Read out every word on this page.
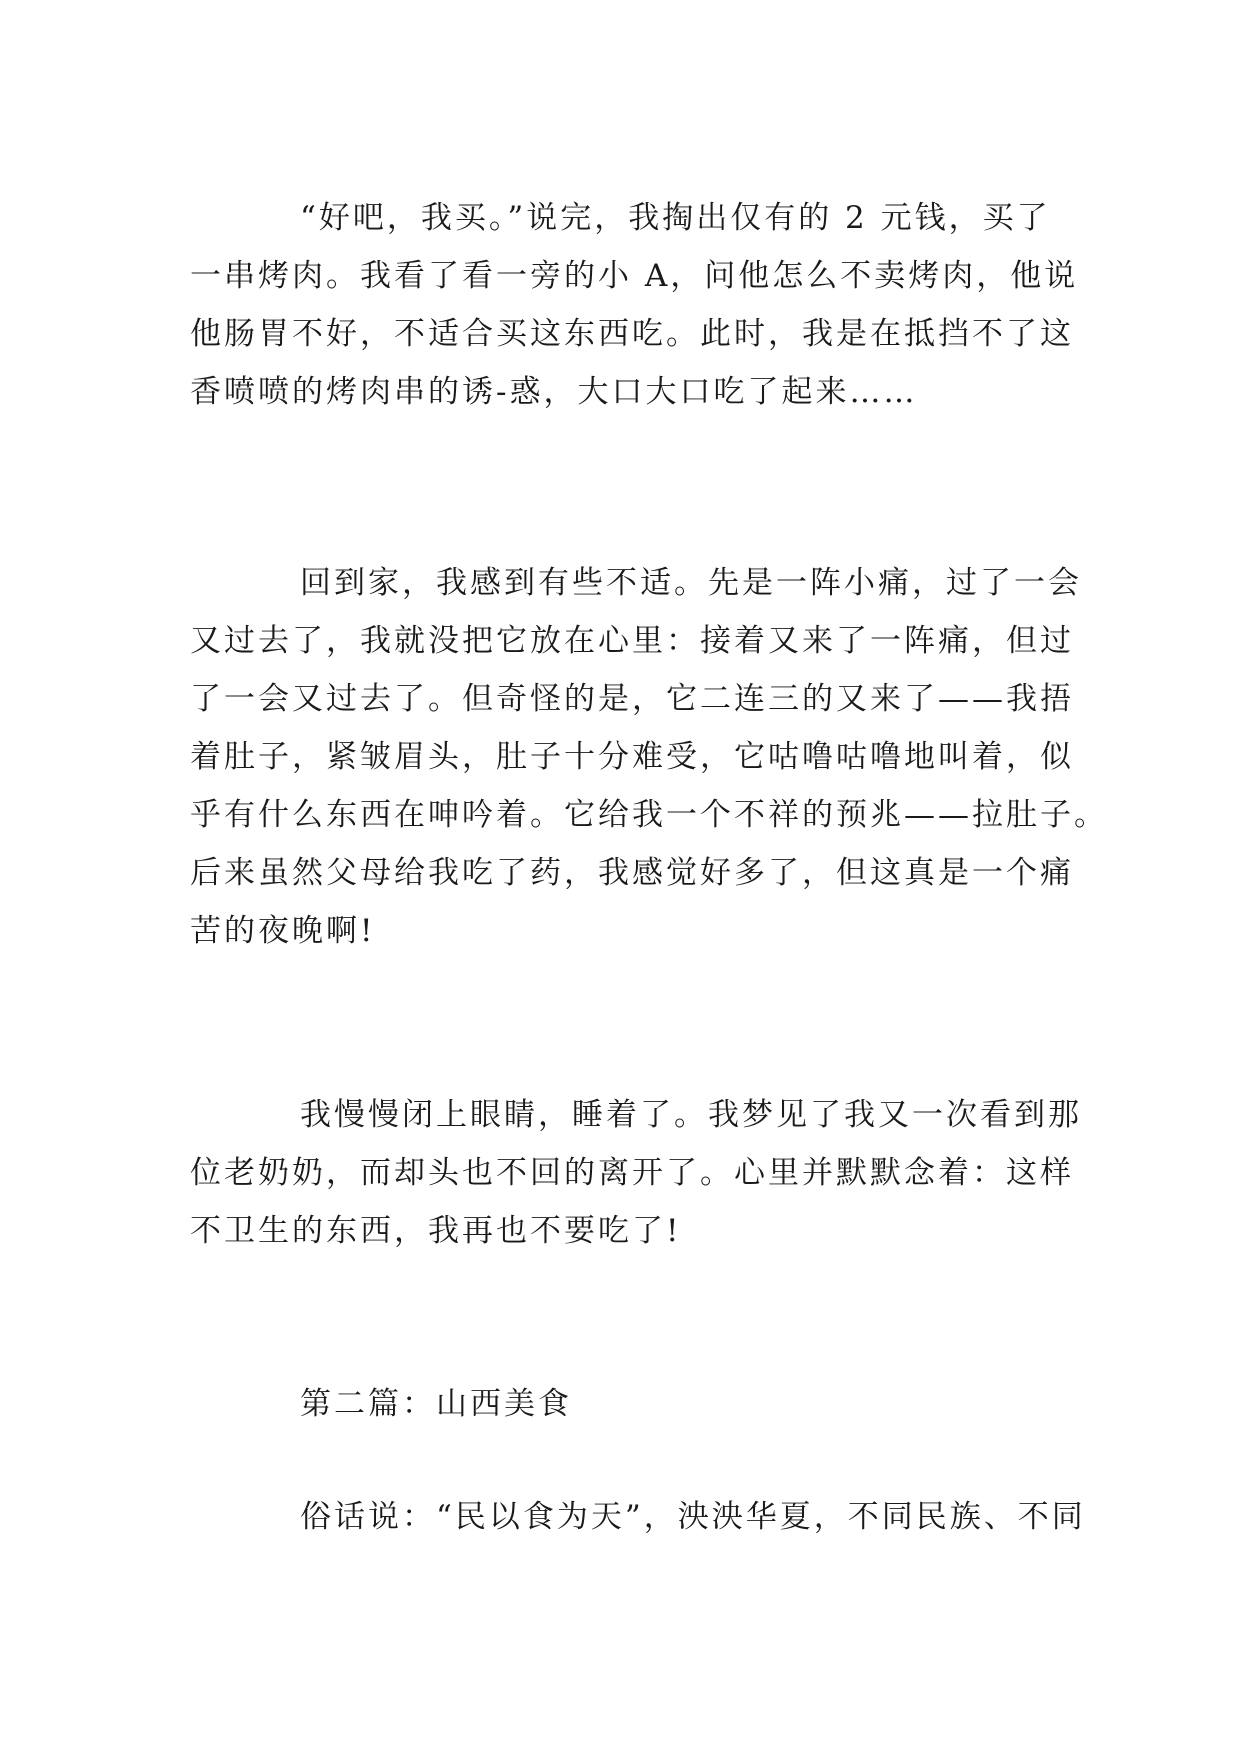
“好吧，我买。”说完，我掏出仅有的 2 元钱，买了
一串烤肉。我看了看一旁的小 A，问他怎么不卖烤肉，他说
他肠胃不好，不适合买这东西吃。此时，我是在抵挡不了这
香喷喷的烤肉串的诱-惑，大口大口吃了起来……
回到家，我感到有些不适。先是一阵小痛，过了一会
又过去了，我就没把它放在心里：接着又来了一阵痛，但过
了一会又过去了。但奇怪的是，它二连三的又来了——我捂
着肚子，紧皱眉头，肚子十分难受，它咕噜咕噜地叫着，似
乎有什么东西在呻吟着。它给我一个不祥的预兆——拉肚子。
后来虽然父母给我吃了药，我感觉好多了，但这真是一个痛
苦的夜晚啊!
我慢慢闭上眼睛，睡着了。我梦见了我又一次看到那
位老奶奶，而却头也不回的离开了。心里并默默念着：这样
不卫生的东西，我再也不要吃了!
第二篇：山西美食
俗话说：“民以食为天”，泱泱华夏，不同民族、不同
